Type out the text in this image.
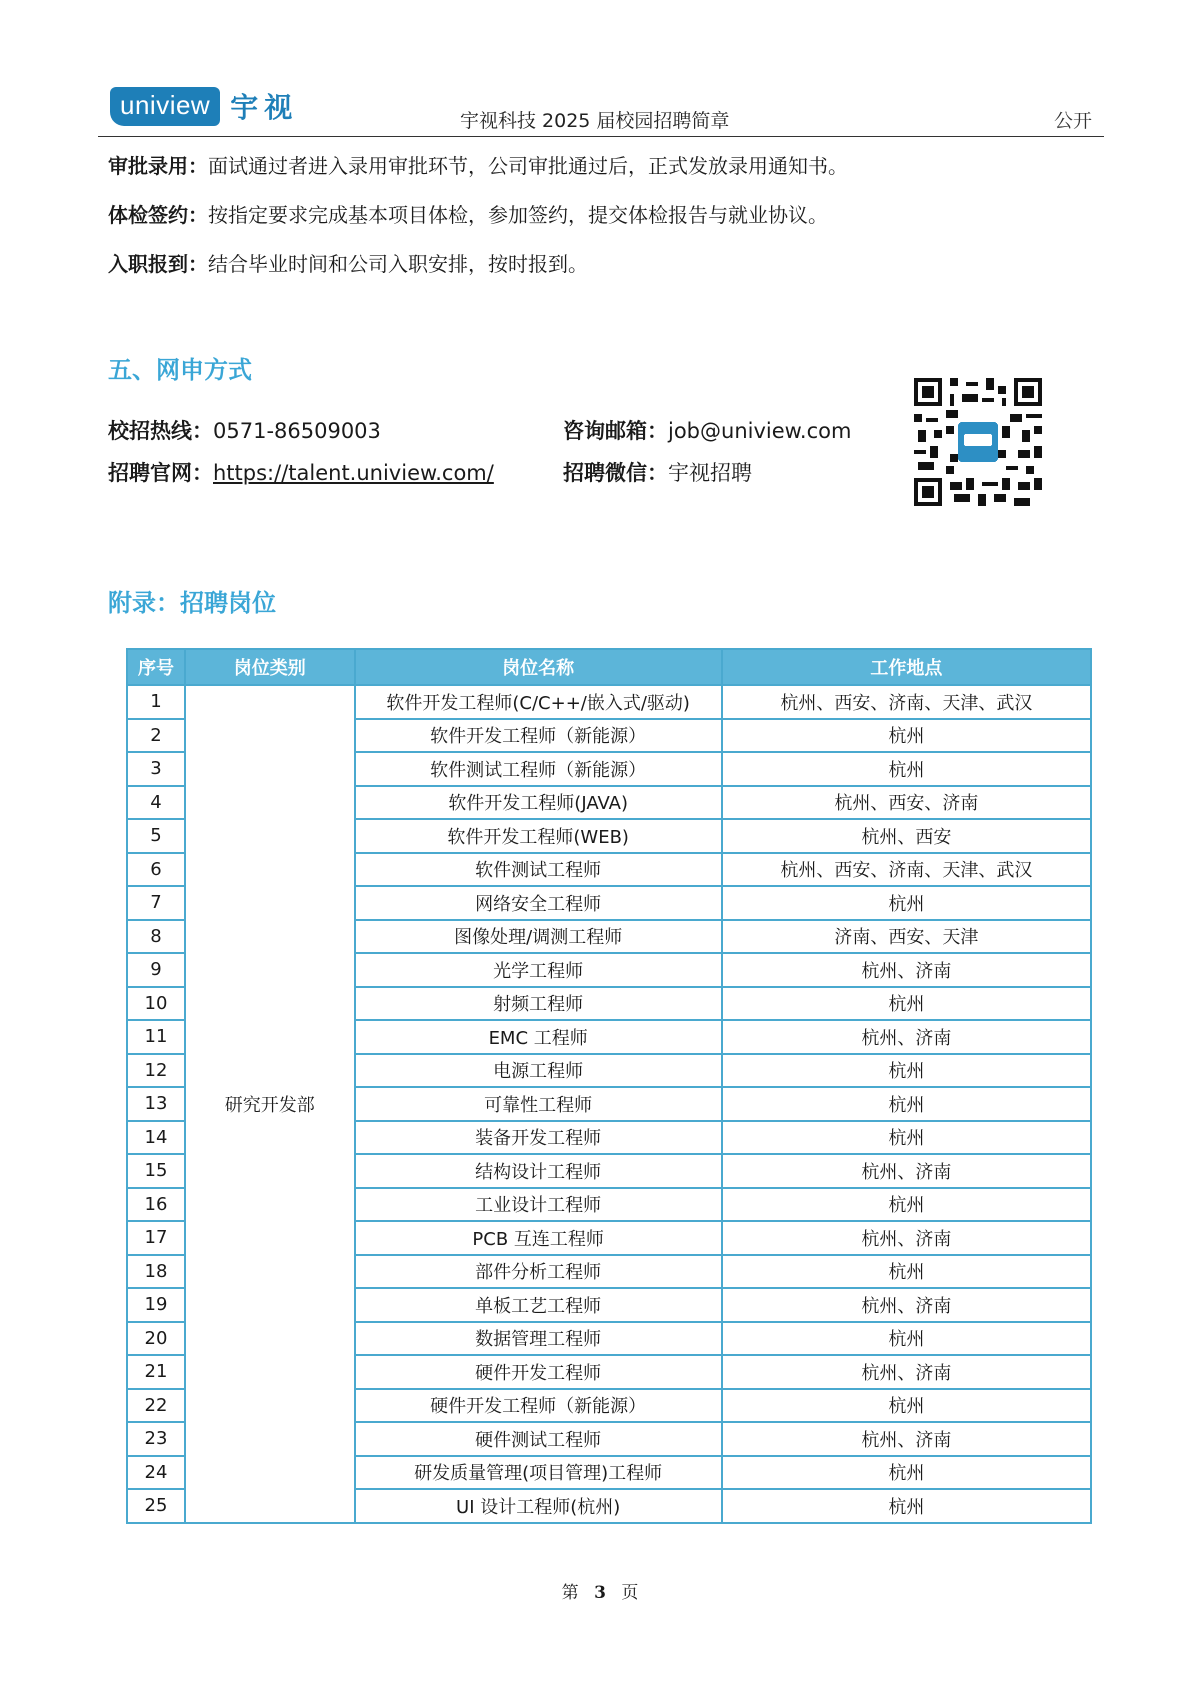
uniview 宇视	宇视科技 2025 届校园招聘简章	公开
审批录用：面试通过者进入录用审批环节，公司审批通过后，正式发放录用通知书。
体检签约：按指定要求完成基本项目体检，参加签约，提交体检报告与就业协议。
入职报到：结合毕业时间和公司入职安排，按时报到。
五、网申方式
校招热线：0571-86509003	咨询邮箱：job@uniview.com
招聘官网：https://talent.uniview.com/	招聘微信：宇视招聘
附录：招聘岗位
序号	岗位类别	岗位名称	工作地点
1	研究开发部	软件开发工程师(C/C++/嵌入式/驱动)	杭州、西安、济南、天津、武汉
2		软件开发工程师（新能源）	杭州
3		软件测试工程师（新能源）	杭州
4		软件开发工程师(JAVA)	杭州、西安、济南
5		软件开发工程师(WEB)	杭州、西安
6		软件测试工程师	杭州、西安、济南、天津、武汉
7		网络安全工程师	杭州
8		图像处理/调测工程师	济南、西安、天津
9		光学工程师	杭州、济南
10		射频工程师	杭州
11		EMC 工程师	杭州、济南
12		电源工程师	杭州
13		可靠性工程师	杭州
14		装备开发工程师	杭州
15		结构设计工程师	杭州、济南
16		工业设计工程师	杭州
17		PCB 互连工程师	杭州、济南
18		部件分析工程师	杭州
19		单板工艺工程师	杭州、济南
20		数据管理工程师	杭州
21		硬件开发工程师	杭州、济南
22		硬件开发工程师（新能源）	杭州
23		硬件测试工程师	杭州、济南
24		研发质量管理(项目管理)工程师	杭州
25		UI 设计工程师(杭州)	杭州
第 3 页
